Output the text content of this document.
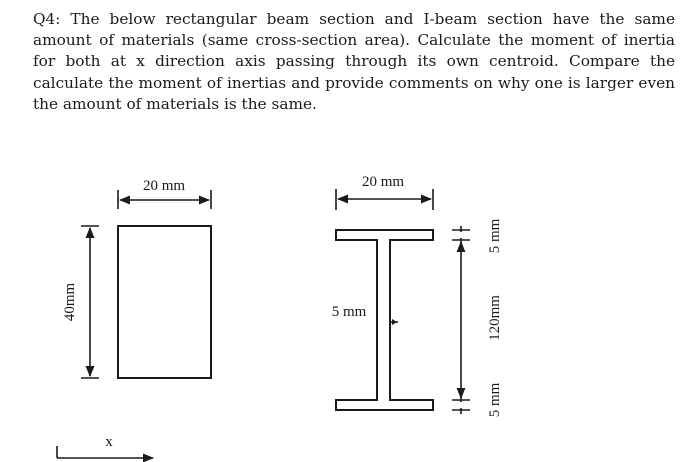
Q4: The below rectangular beam section and I-beam section have the same amount of materials (same cross-section area). Calculate the moment of inertia for both at x direction axis passing through its own centroid. Compare the calculate the moment of inertias and provide comments on why one is larger even the amount of materials is the same.

20 mm
40mm
20 mm
5 mm
5 mm
120mm
5 mm
x
